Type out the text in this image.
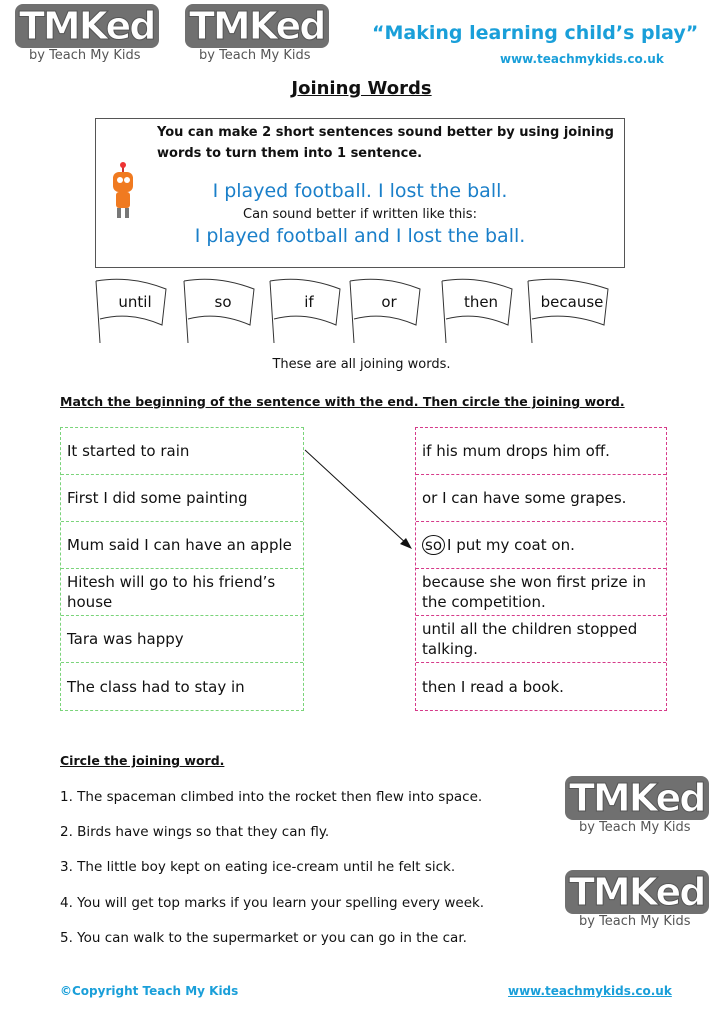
“Making learning child’s play”
www.teachmykids.co.uk
Joining Words
You can make 2 short sentences sound better by using joining words to turn them into 1 sentence.
I played football. I lost the ball.
Can sound better if written like this:
I played football and I lost the ball.
until	so	if	or	then	because
These are all joining words.
Match the beginning of the sentence with the end. Then circle the joining word.
It started to rain
First I did some painting
Mum said I can have an apple
Hitesh will go to his friend’s house
Tara was happy
The class had to stay in
if his mum drops him off.
or I can have some grapes.
so I put my coat on.
because she won first prize in the competition.
until all the children stopped talking.
then I read a book.
Circle the joining word.
1. The spaceman climbed into the rocket then flew into space.
2. Birds have wings so that they can fly.
3. The little boy kept on eating ice-cream until he felt sick.
4. You will get top marks if you learn your spelling every week.
5. You can walk to the supermarket or you can go in the car.
©Copyright Teach My Kids	www.teachmykids.co.uk
TMKed
by Teach My Kids
TMKed
by Teach My Kids
TMKed
by Teach My Kids
TMKed
by Teach My Kids
